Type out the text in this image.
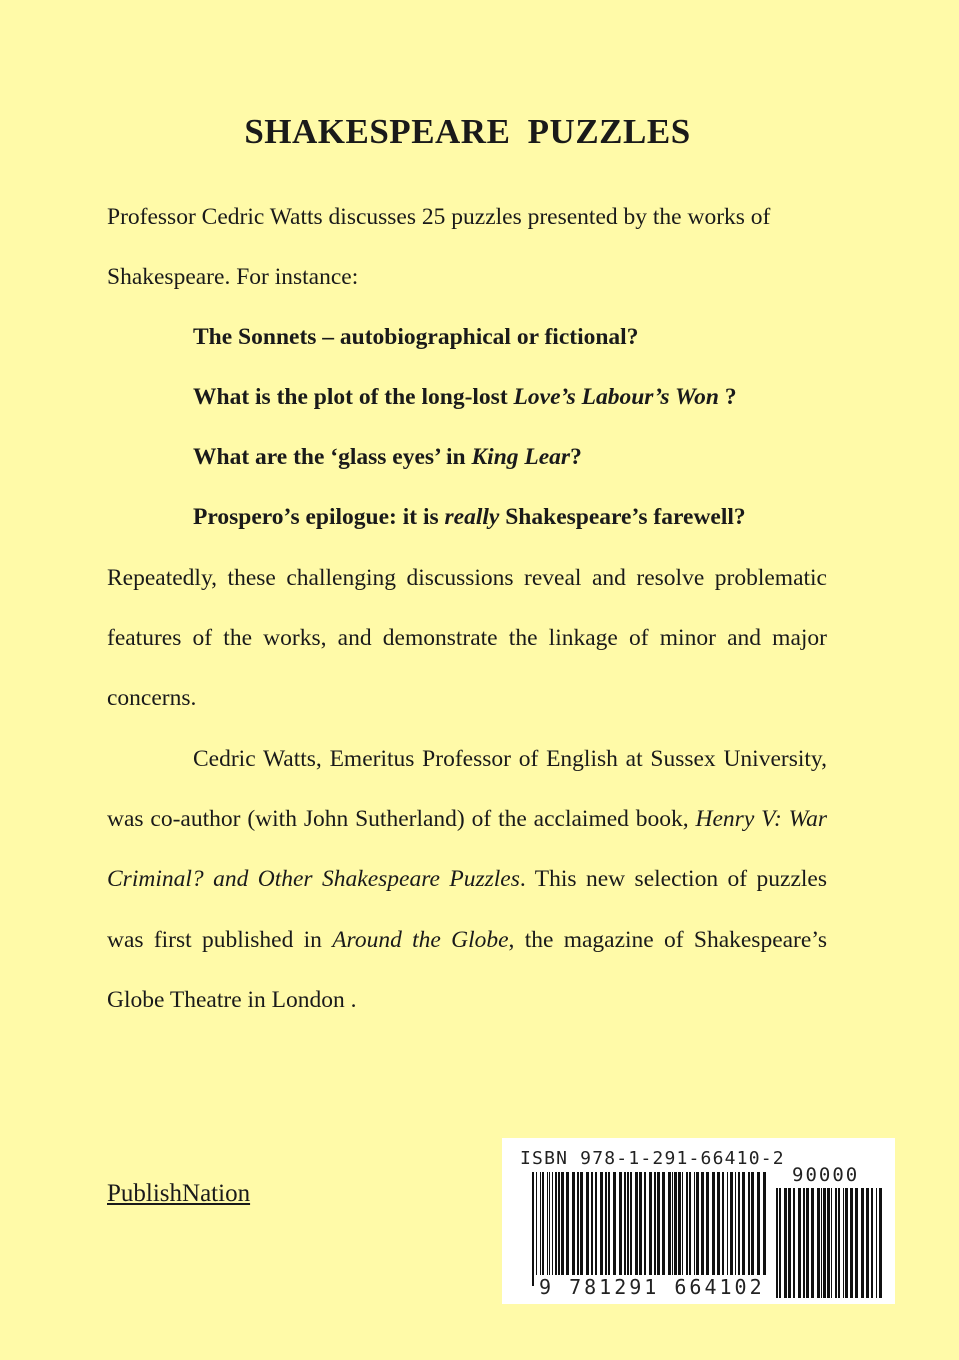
SHAKESPEARE PUZZLES

Professor Cedric Watts discusses 25 puzzles presented by the works of Shakespeare. For instance:

The Sonnets – autobiographical or fictional?
What is the plot of the long-lost Love’s Labour’s Won ?
What are the ‘glass eyes’ in King Lear?
Prospero’s epilogue: it is really Shakespeare’s farewell?

Repeatedly, these challenging discussions reveal and resolve problematic features of the works, and demonstrate the linkage of minor and major concerns.

Cedric Watts, Emeritus Professor of English at Sussex University, was co-author (with John Sutherland) of the acclaimed book, Henry V: War Criminal? and Other Shakespeare Puzzles. This new selection of puzzles was first published in Around the Globe, the magazine of Shakespeare’s Globe Theatre in London .

PublishNation
ISBN 978-1-291-66410-2
90000
9 781291 664102
